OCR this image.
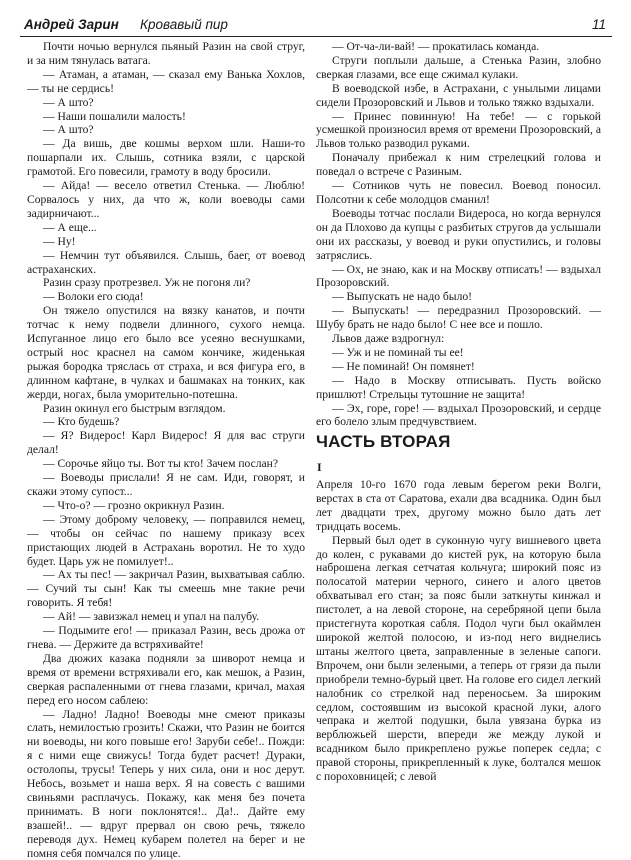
Андрей Зарин Кровавый пир	11

Почти ночью вернулся пьяный Разин на свой струг, и за ним тянулась ватага.

— Атаман, а атаман, — сказал ему Ванька Хохлов, — ты не сердись!

— А што?

— Наши пошалили малость!

— А што?

— Да вишь, две кошмы верхом шли. Наши-то пошарпали их. Слышь, сотника взяли, с царской грамотой. Его повесили, грамоту в воду бросили.

— Айда! — весело ответил Стенька. — Люблю! Сорвалось у них, да что ж, коли воеводы сами задирничают...

— А еще...

— Ну!

— Немчин тут объявился. Слышь, баег, от воевод астраханских.

Разин сразу протрезвел. Уж не погоня ли?

— Волоки его сюда!

Он тяжело опустился на вязку канатов, и почти тотчас к нему подвели длинного, сухого немца. Испуганное лицо его было все усеяно веснушками, острый нос краснел на самом кончике, жиденькая рыжая бородка тряслась от страха, и вся фигура его, в длинном кафтане, в чулках и башмаках на тонких, как жерди, ногах, была уморительно-потешна.

Разин окинул его быстрым взглядом.

— Кто будешь?

— Я? Видерос! Карл Видерос! Я для вас струги делал!

— Сорочье яйцо ты. Вот ты кто! Зачем послан?

— Воеводы прислали! Я не сам. Иди, говорят, и скажи этому супост...

— Что-о? — грозно окрикнул Разин.

— Этому доброму человеку, — поправился немец, — чтобы он сейчас по нашему приказу всех пристающих людей в Астрахань воротил. Не то худо будет. Царь уж не помилует!..

— Ах ты пес! — закричал Разин, выхватывая саблю. — Сучий ты сын! Как ты смеешь мне такие речи говорить. Я тебя!

— Ай! — завизжал немец и упал на палубу.

— Подымите его! — приказал Разин, весь дрожа от гнева. — Держите да встряхивайте!

Два дюжих казака подняли за шиворот немца и время от времени встряхивали его, как мешок, а Разин, сверкая распаленными от гнева глазами, кричал, махая перед его носом саблею:

— Ладно! Ладно! Воеводы мне смеют приказы слать, немилостью грозить! Скажи, что Разин не боится ни воеводы, ни кого повыше его! Заруби себе!.. Пожди: я с ними еще свижусь! Тогда будет расчет! Дураки, остолопы, трусы! Теперь у них сила, они и нос дерут. Небось, возьмет и наша верх. Я на совесть с вашими свиньями расплачусь. Покажу, как меня без почета принимать. В ноги поклонятся!.. Да!.. Дайте ему взашей!.. — вдруг прервал он свою речь, тяжело переводя дух. Немец кубарем полетел на берег и не помня себя помчался по улице.

— От-ча-ли-вай! — прокатилась команда.

Струги поплыли дальше, а Стенька Разин, злобно сверкая глазами, все еще сжимал кулаки.

В воеводской избе, в Астрахани, с унылыми лицами сидели Прозоровский и Львов и только тяжко вздыхали.

— Принес повинную! На тебе! — с горькой усмешкой произносил время от времени Прозоровский, а Львов только разводил руками.

Поначалу прибежал к ним стрелецкий голова и поведал о встрече с Разиным.

— Сотников чуть не повесил. Воевод поносил. Полсотни к себе молодцов сманил!

Воеводы тотчас послали Видероса, но когда вернулся он да Плохово да купцы с разбитых стругов да услышали они их рассказы, у воевод и руки опустились, и головы затряслись.

— Ох, не знаю, как и на Москву отписать! — вздыхал Прозоровский.

— Выпускать не надо было!

— Выпускать! — передразнил Прозоровский. — Шубу брать не надо было! С нее все и пошло.

Львов даже вздрогнул:

— Уж и не поминай ты ее!

— Не поминай! Он помянет!

— Надо в Москву отписывать. Пусть войско пришлют! Стрельцы тутошние не защита!

— Эх, горе, горе! — вздыхал Прозоровский, и сердце его болело злым предчувствием.

ЧАСТЬ ВТОРАЯ
I

Апреля 10-го 1670 года левым берегом реки Волги, верстах в ста от Саратова, ехали два всадника. Один был лет двадцати трех, другому можно было дать лет тридцать восемь.

Первый был одет в суконную чугу вишневого цвета до колен, с рукавами до кистей рук, на которую была наброшена легкая сетчатая кольчуга; широкий пояс из полосатой материи черного, синего и алого цветов обхватывал его стан; за пояс были заткнуты кинжал и пистолет, а на левой стороне, на серебряной цепи была пристегнута короткая сабля. Подол чуги был окаймлен широкой желтой полосою, и из-под него виднелись штаны желтого цвета, заправленные в зеленые сапоги. Впрочем, они были зелеными, а теперь от грязи да пыли приобрели темно-бурый цвет. На голове его сидел легкий налобник со стрелкой над переносьем. За широким седлом, состоявшим из высокой красной луки, алого чепрака и желтой подушки, была увязана бурка из верблюжьей шерсти, впереди же между лукой и всадником было прикреплено ружье поперек седла; с правой стороны, прикрепленный к луке, болтался мешок с пороховницей; с левой
